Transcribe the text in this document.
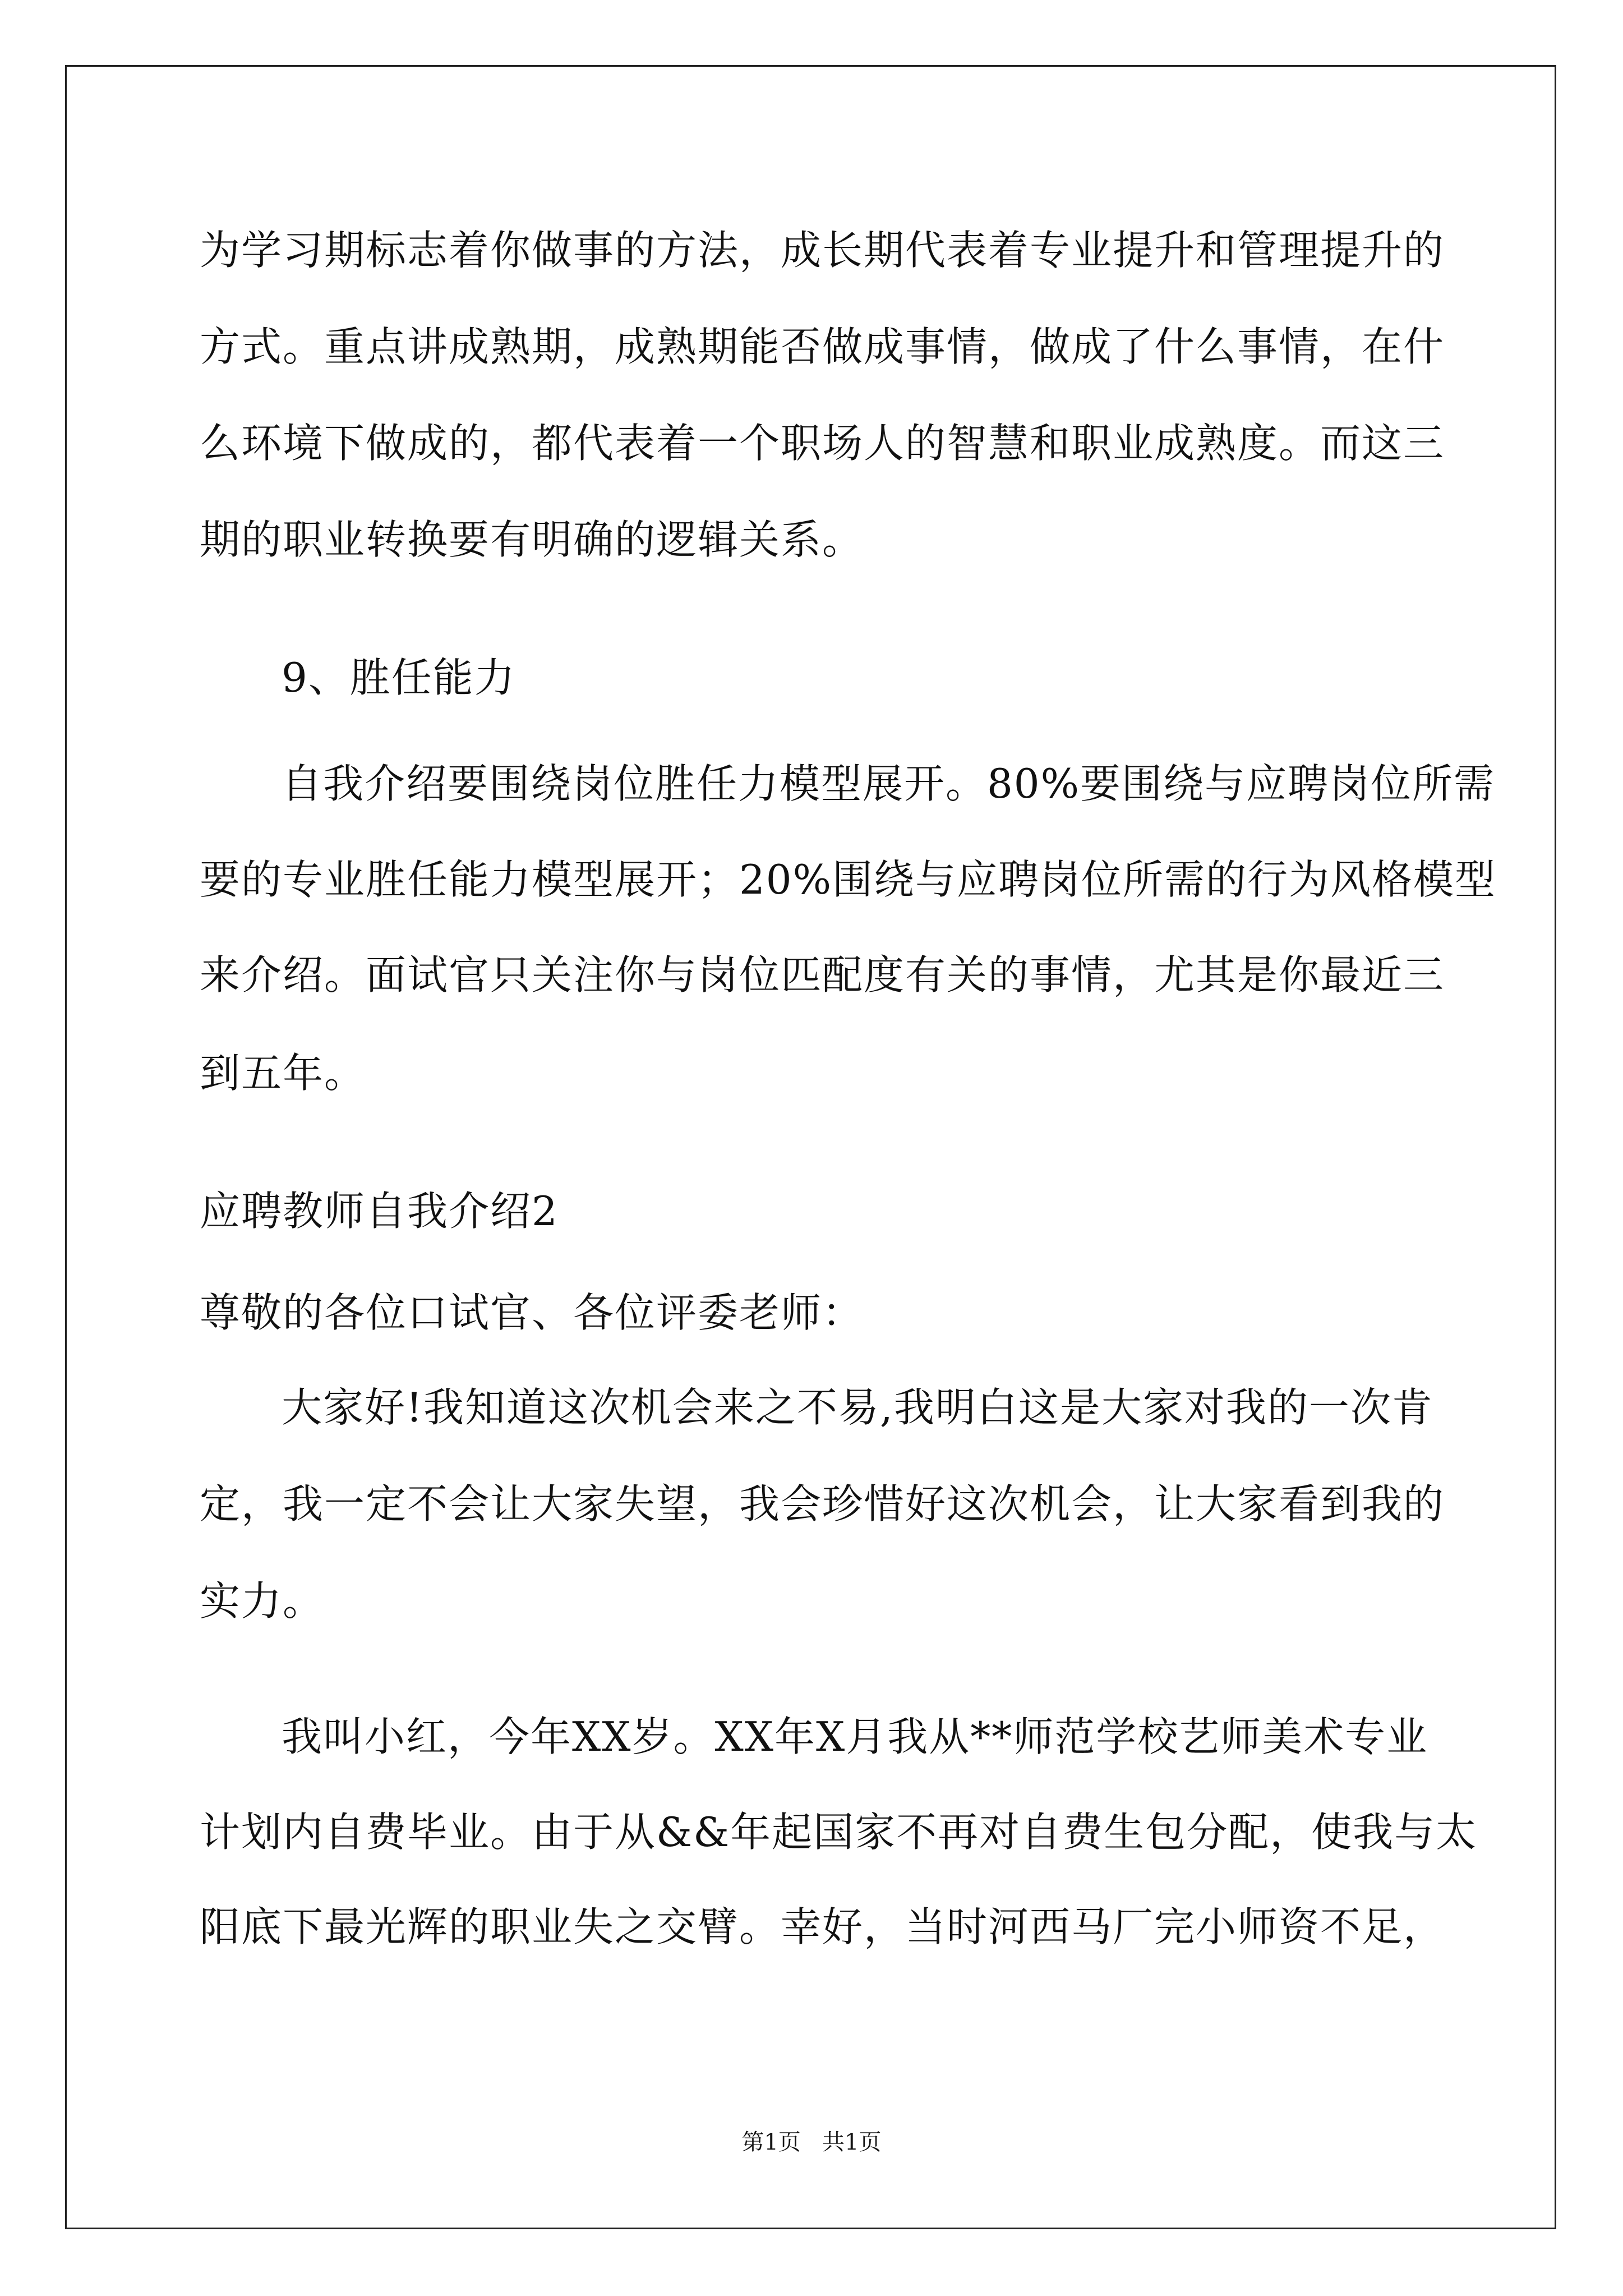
为学习期标志着你做事的方法，成长期代表着专业提升和管理提升的
方式。重点讲成熟期，成熟期能否做成事情，做成了什么事情，在什
么环境下做成的，都代表着一个职场人的智慧和职业成熟度。而这三
期的职业转换要有明确的逻辑关系。
9、胜任能力
自我介绍要围绕岗位胜任力模型展开。80%要围绕与应聘岗位所需
要的专业胜任能力模型展开；20%围绕与应聘岗位所需的行为风格模型
来介绍。面试官只关注你与岗位匹配度有关的事情，尤其是你最近三
到五年。
应聘教师自我介绍2
尊敬的各位口试官、各位评委老师：
大家好!我知道这次机会来之不易,我明白这是大家对我的一次肯
定，我一定不会让大家失望，我会珍惜好这次机会，让大家看到我的
实力。
我叫小红，今年XX岁。XX年X月我从**师范学校艺师美术专业
计划内自费毕业。由于从&&年起国家不再对自费生包分配，使我与太
阳底下最光辉的职业失之交臂。幸好，当时河西马厂完小师资不足，
第1页   共1页
